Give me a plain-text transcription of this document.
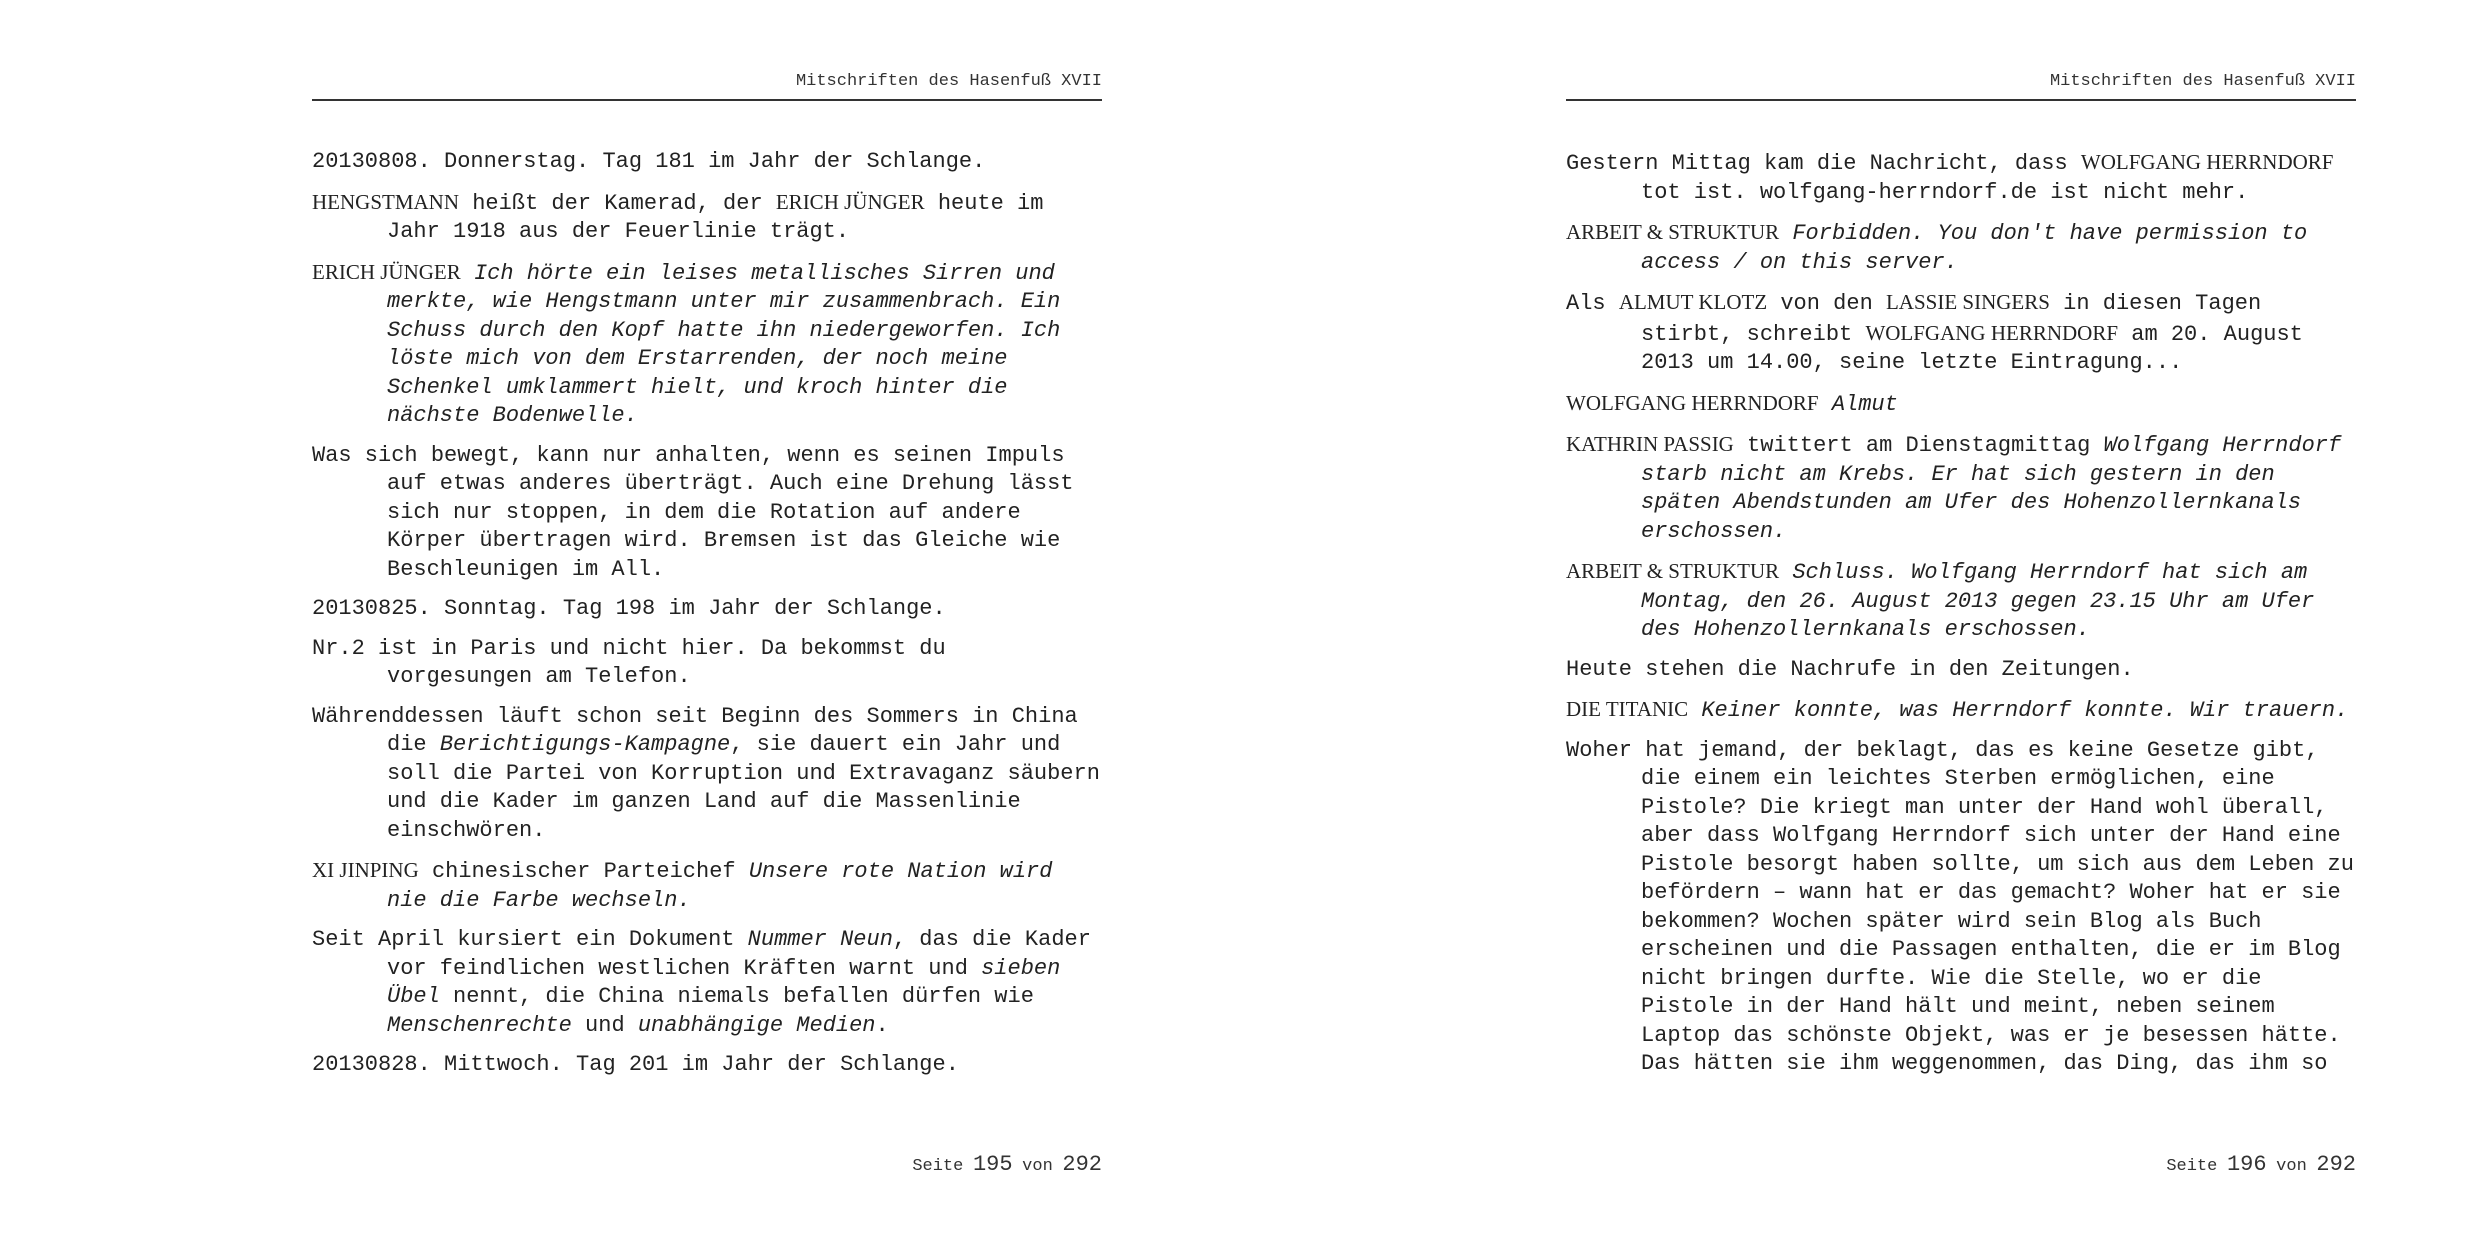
Mitschriften des Hasenfuß XVII

20130808. Donnerstag. Tag 181 im Jahr der Schlange.

HENGSTMANN heißt der Kamerad, der ERICH JÜNGER heute im Jahr 1918 aus der Feuerlinie trägt.

ERICH JÜNGER Ich hörte ein leises metallisches Sirren und merkte, wie Hengstmann unter mir zusammenbrach. Ein Schuss durch den Kopf hatte ihn niedergeworfen. Ich löste mich von dem Erstarrenden, der noch meine Schenkel umklammert hielt, und kroch hinter die nächste Bodenwelle.

Was sich bewegt, kann nur anhalten, wenn es seinen Impuls auf etwas anderes überträgt. Auch eine Drehung lässt sich nur stoppen, in dem die Rotation auf andere Körper übertragen wird. Bremsen ist das Gleiche wie Beschleunigen im All.

20130825. Sonntag. Tag 198 im Jahr der Schlange.

Nr.2 ist in Paris und nicht hier. Da bekommst du vorgesungen am Telefon.

Währenddessen läuft schon seit Beginn des Sommers in China die Berichtigungs-Kampagne, sie dauert ein Jahr und soll die Partei von Korruption und Extravaganz säubern und die Kader im ganzen Land auf die Massenlinie einschwören.

XI JINPING chinesischer Parteichef Unsere rote Nation wird nie die Farbe wechseln.

Seit April kursiert ein Dokument Nummer Neun, das die Kader vor feindlichen westlichen Kräften warnt und sieben Übel nennt, die China niemals befallen dürfen wie Menschenrechte und unabhängige Medien.

20130828. Mittwoch. Tag 201 im Jahr der Schlange.

Seite 195 von 292
Mitschriften des Hasenfuß XVII

Gestern Mittag kam die Nachricht, dass WOLFGANG HERRNDORF tot ist. wolfgang-herrndorf.de ist nicht mehr.

ARBEIT & STRUKTUR Forbidden. You don't have permission to access / on this server.

Als ALMUT KLOTZ von den LASSIE SINGERS in diesen Tagen stirbt, schreibt WOLFGANG HERRNDORF am 20. August 2013 um 14.00, seine letzte Eintragung...

WOLFGANG HERRNDORF Almut

KATHRIN PASSIG twittert am Dienstagmittag Wolfgang Herrndorf starb nicht am Krebs. Er hat sich gestern in den späten Abendstunden am Ufer des Hohenzollernkanals erschossen.

ARBEIT & STRUKTUR Schluss. Wolfgang Herrndorf hat sich am Montag, den 26. August 2013 gegen 23.15 Uhr am Ufer des Hohenzollernkanals erschossen.

Heute stehen die Nachrufe in den Zeitungen.

DIE TITANIC Keiner konnte, was Herrndorf konnte. Wir trauern.

Woher hat jemand, der beklagt, das es keine Gesetze gibt, die einem ein leichtes Sterben ermöglichen, eine Pistole? Die kriegt man unter der Hand wohl überall, aber dass Wolfgang Herrndorf sich unter der Hand eine Pistole besorgt haben sollte, um sich aus dem Leben zu befördern – wann hat er das gemacht? Woher hat er sie bekommen? Wochen später wird sein Blog als Buch erscheinen und die Passagen enthalten, die er im Blog nicht bringen durfte. Wie die Stelle, wo er die Pistole in der Hand hält und meint, neben seinem Laptop das schönste Objekt, was er je besessen hätte. Das hätten sie ihm weggenommen, das Ding, das ihm so

Seite 196 von 292
